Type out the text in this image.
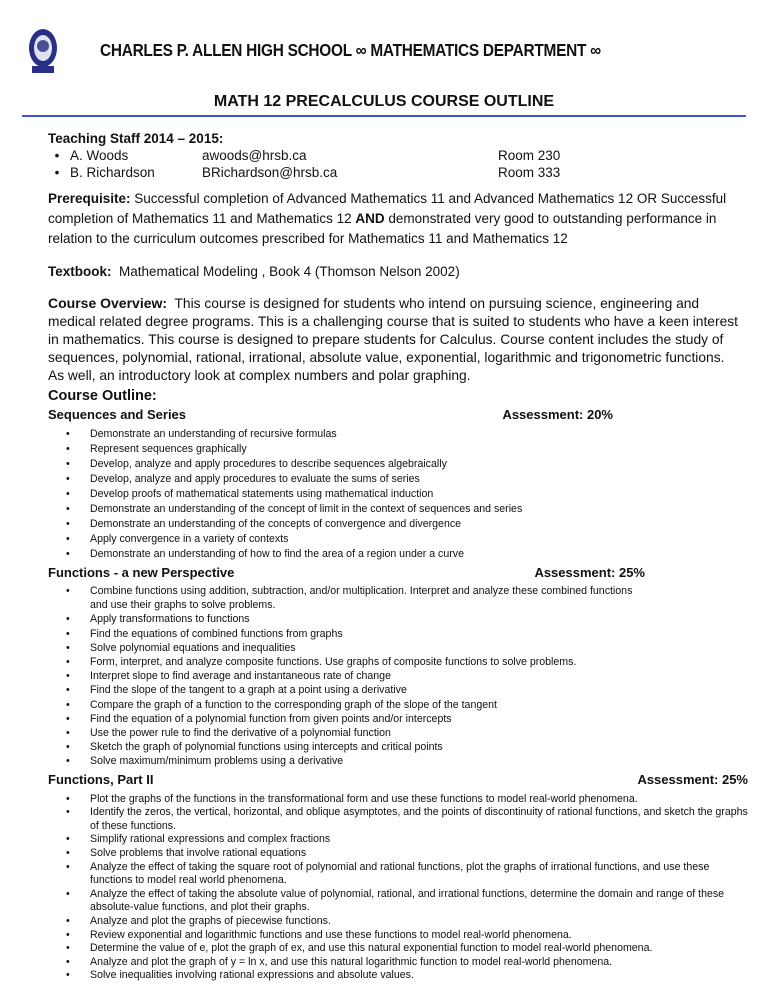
CHARLES P. ALLEN HIGH SCHOOL ∞ MATHEMATICS DEPARTMENT ∞
MATH 12 PRECALCULUS COURSE OUTLINE
Teaching Staff 2014 – 2015:
• A. Woods	awoods@hrsb.ca	Room 230
• B. Richardson	BRichardson@hrsb.ca	Room 333
Prerequisite: Successful completion of Advanced Mathematics 11 and Advanced Mathematics 12 OR Successful completion of Mathematics 11 and Mathematics 12 AND demonstrated very good to outstanding performance in relation to the curriculum outcomes prescribed for Mathematics 11 and Mathematics 12
Textbook: Mathematical Modeling , Book 4 (Thomson Nelson 2002)
Course Overview: This course is designed for students who intend on pursuing science, engineering and medical related degree programs. This is a challenging course that is suited to students who have a keen interest in mathematics. This course is designed to prepare students for Calculus. Course content includes the study of sequences, polynomial, rational, irrational, absolute value, exponential, logarithmic and trigonometric functions. As well, an introductory look at complex numbers and polar graphing.
Course Outline:
Sequences and Series	Assessment: 20%
• Demonstrate an understanding of recursive formulas
• Represent sequences graphically
• Develop, analyze and apply procedures to describe sequences algebraically
• Develop, analyze and apply procedures to evaluate the sums of series
• Develop proofs of mathematical statements using mathematical induction
• Demonstrate an understanding of the concept of limit in the context of sequences and series
• Demonstrate an understanding of the concepts of convergence and divergence
• Apply convergence in a variety of contexts
• Demonstrate an understanding of how to find the area of a region under a curve
Functions - a new Perspective	Assessment: 25%
• Combine functions using addition, subtraction, and/or multiplication. Interpret and analyze these combined functions and use their graphs to solve problems.
• Apply transformations to functions
• Find the equations of combined functions from graphs
• Solve polynomial equations and inequalities
• Form, interpret, and analyze composite functions. Use graphs of composite functions to solve problems.
• Interpret slope to find average and instantaneous rate of change
• Find the slope of the tangent to a graph at a point using a derivative
• Compare the graph of a function to the corresponding graph of the slope of the tangent
• Find the equation of a polynomial function from given points and/or intercepts
• Use the power rule to find the derivative of a polynomial function
• Sketch the graph of polynomial functions using intercepts and critical points
• Solve maximum/minimum problems using a derivative
Functions, Part II	Assessment: 25%
• Plot the graphs of the functions in the transformational form and use these functions to model real-world phenomena.
• Identify the zeros, the vertical, horizontal, and oblique asymptotes, and the points of discontinuity of rational functions, and sketch the graphs of these functions.
• Simplify rational expressions and complex fractions
• Solve problems that involve rational equations
• Analyze the effect of taking the square root of polynomial and rational functions, plot the graphs of irrational functions, and use these functions to model real world phenomena.
• Analyze the effect of taking the absolute value of polynomial, rational, and irrational functions, determine the domain and range of these absolute-value functions, and plot their graphs.
• Analyze and plot the graphs of piecewise functions.
• Review exponential and logarithmic functions and use these functions to model real-world phenomena.
• Determine the value of e, plot the graph of ex, and use this natural exponential function to model real-world phenomena.
• Analyze and plot the graph of y = ln x, and use this natural logarithmic function to model real-world phenomena.
• Solve inequalities involving rational expressions and absolute values.
